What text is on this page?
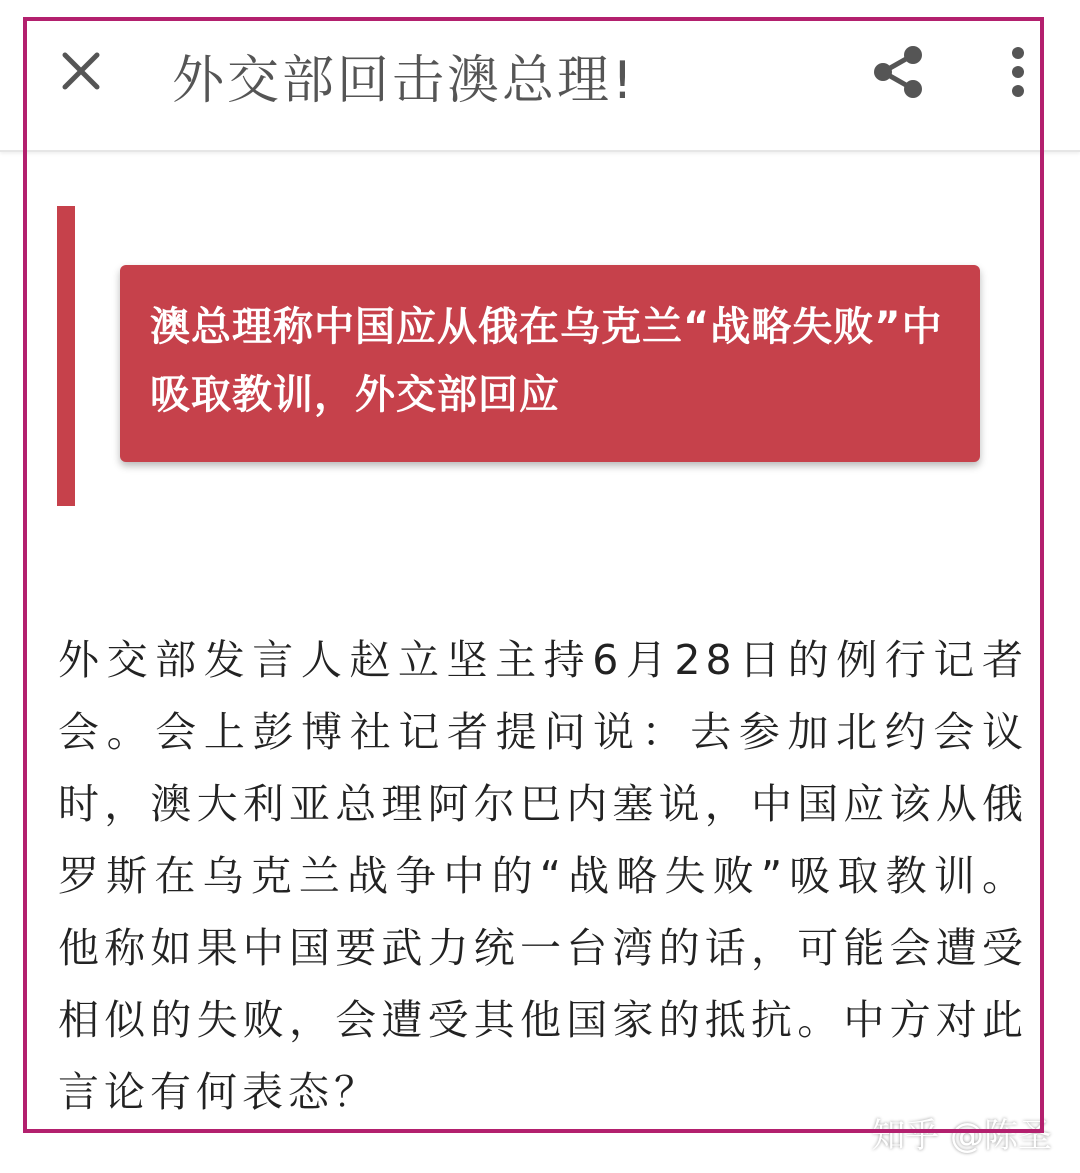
外交部回击澳总理!
澳总理称中国应从俄在乌克兰“战略失败”中吸取教训，外交部回应
外交部发言人赵立坚主持6月28日的例行记者会。会上彭博社记者提问说：去参加北约会议时，澳大利亚总理阿尔巴内塞说，中国应该从俄罗斯在乌克兰战争中的“战略失败”吸取教训。他称如果中国要武力统一台湾的话，可能会遭受相似的失败，会遭受其他国家的抵抗。中方对此言论有何表态？
知乎 @陈圣
